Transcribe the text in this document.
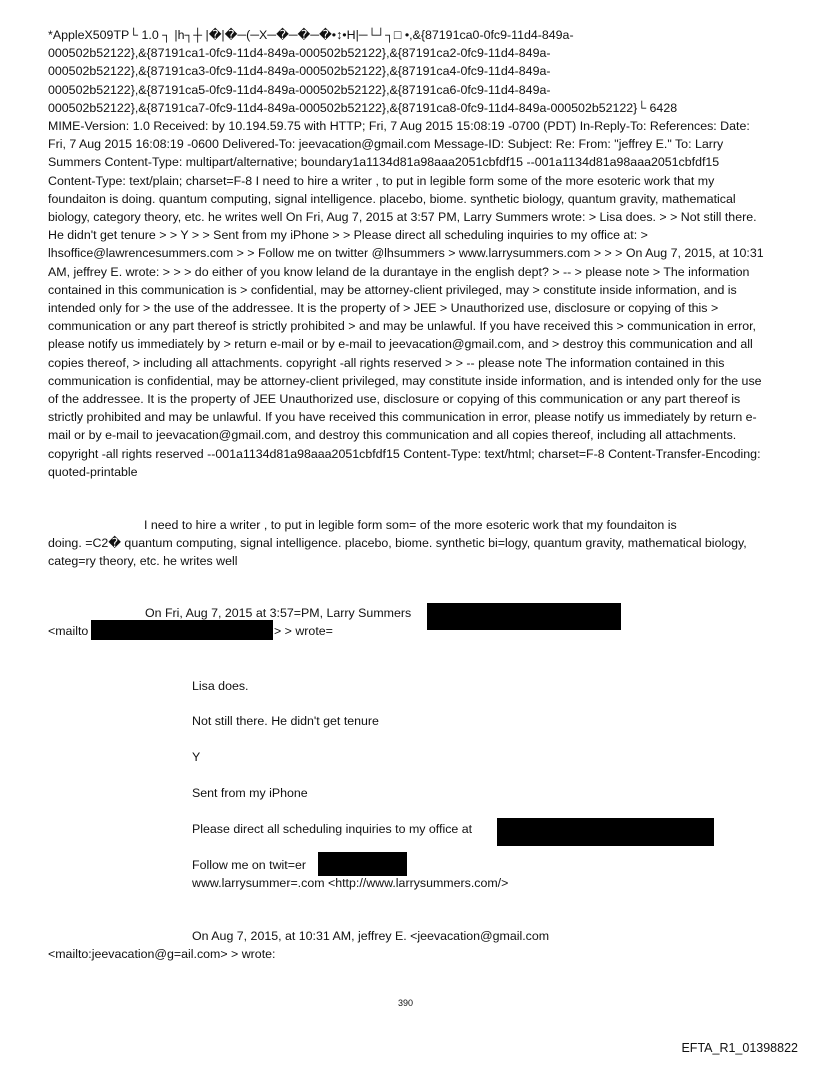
*AppleX509TP└ 1.0 ┐ |h┐┼ |�|�─(─X─�─�─�•↕•H|─└┘┐□ •,&{87191ca0-0fc9-11d4-849a-
000502b52122},&{87191ca1-0fc9-11d4-849a-000502b52122},&{87191ca2-0fc9-11d4-849a-
000502b52122},&{87191ca3-0fc9-11d4-849a-000502b52122},&{87191ca4-0fc9-11d4-849a-
000502b52122},&{87191ca5-0fc9-11d4-849a-000502b52122},&{87191ca6-0fc9-11d4-849a-
000502b52122},&{87191ca7-0fc9-11d4-849a-000502b52122},&{87191ca8-0fc9-11d4-849a-000502b52122}└ 6428
MIME-Version: 1.0 Received: by 10.194.59.75 with HTTP; Fri, 7 Aug 2015 15:08:19 -0700 (PDT) In-Reply-To: References: Date: Fri, 7 Aug 2015 16:08:19 -0600 Delivered-To: jeevacation@gmail.com Message-ID: Subject: Re: From: "jeffrey E." To: Larry Summers Content-Type: multipart/alternative; boundary1a1134d81a98aaa2051cbfdf15 --001a1134d81a98aaa2051cbfdf15 Content-Type: text/plain; charset=F-8 I need to hire a writer , to put in legible form some of the more esoteric work that my foundaiton is doing. quantum computing, signal intelligence. placebo, biome. synthetic biology, quantum gravity, mathematical biology, category theory, etc. he writes well On Fri, Aug 7, 2015 at 3:57 PM, Larry Summers wrote: > Lisa does. > > Not still there. He didn't get tenure > > Y > > Sent from my iPhone > > Please direct all scheduling inquiries to my office at: > lhsoffice@lawrencesummers.com > > Follow me on twitter @lhsummers > www.larrysummers.com > > > On Aug 7, 2015, at 10:31 AM, jeffrey E. wrote: > > > do either of you know leland de la durantaye in the english dept? > -- > please note > The information contained in this communication is > confidential, may be attorney-client privileged, may > constitute inside information, and is intended only for > the use of the addressee. It is the property of > JEE > Unauthorized use, disclosure or copying of this > communication or any part thereof is strictly prohibited > and may be unlawful. If you have received this > communication in error, please notify us immediately by > return e-mail or by e-mail to jeevacation@gmail.com, and > destroy this communication and all copies thereof, > including all attachments. copyright -all rights reserved > > -- please note The information contained in this communication is confidential, may be attorney-client privileged, may constitute inside information, and is intended only for the use of the addressee. It is the property of JEE Unauthorized use, disclosure or copying of this communication or any part thereof is strictly prohibited and may be unlawful. If you have received this communication in error, please notify us immediately by return e-mail or by e-mail to jeevacation@gmail.com, and destroy this communication and all copies thereof, including all attachments. copyright -all rights reserved --001a1134d81a98aaa2051cbfdf15 Content-Type: text/html; charset=F-8 Content-Transfer-Encoding: quoted-printable
I need to hire a writer , to put in legible form som= of the more esoteric work that my foundaiton is
doing. =C2� quantum computing, signal intelligence. placebo, biome. synthetic bi=logy, quantum gravity, mathematical biology, categ=ry theory, etc. he writes well
On Fri, Aug 7, 2015 at 3:57=PM, Larry Summers
<mailto	> > wrote=
Lisa does.
Not still there. He didn't get tenure
Y
Sent from my iPhone
Please direct all scheduling inquiries to my office at
Follow me on twit=er
www.larrysummer=.com <http://www.larrysummers.com/>
On Aug 7, 2015, at 10:31 AM, jeffrey E. <jeevacation@gmail.com
<mailto:jeevacation@g=ail.com> > wrote:
390
EFTA_R1_01398822
